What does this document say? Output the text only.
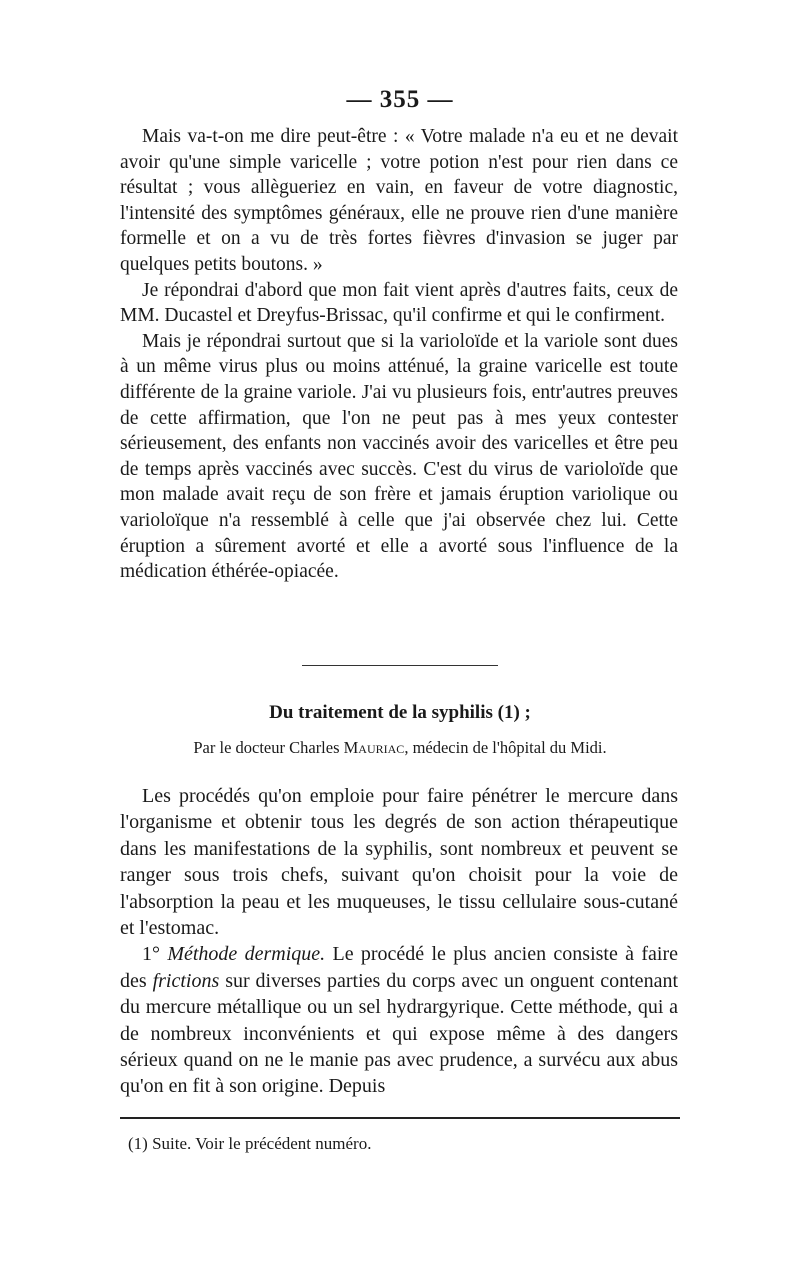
— 355 —

Mais va-t-on me dire peut-être : « Votre malade n'a eu et ne devait avoir qu'une simple varicelle ; votre potion n'est pour rien dans ce résultat ; vous allègueriez en vain, en faveur de votre diagnostic, l'intensité des symptômes généraux, elle ne prouve rien d'une manière formelle et on a vu de très fortes fièvres d'invasion se juger par quelques petits boutons. »

Je répondrai d'abord que mon fait vient après d'autres faits, ceux de MM. Ducastel et Dreyfus-Brissac, qu'il confirme et qui le confirment.

Mais je répondrai surtout que si la varioloïde et la variole sont dues à un même virus plus ou moins atténué, la graine varicelle est toute différente de la graine variole. J'ai vu plusieurs fois, entr'autres preuves de cette affirmation, que l'on ne peut pas à mes yeux contester sérieusement, des enfants non vaccinés avoir des varicelles et être peu de temps après vaccinés avec succès. C'est du virus de varioloïde que mon malade avait reçu de son frère et jamais éruption variolique ou varioloïque n'a ressemblé à celle que j'ai observée chez lui. Cette éruption a sûrement avorté et elle a avorté sous l'influence de la médication éthérée-opiacée.

Du traitement de la syphilis (1) ;
Par le docteur Charles Mauriac, médecin de l'hôpital du Midi.

Les procédés qu'on emploie pour faire pénétrer le mercure dans l'organisme et obtenir tous les degrés de son action thérapeutique dans les manifestations de la syphilis, sont nombreux et peuvent se ranger sous trois chefs, suivant qu'on choisit pour la voie de l'absorption la peau et les muqueuses, le tissu cellulaire sous-cutané et l'estomac.

1° Méthode dermique. Le procédé le plus ancien consiste à faire des frictions sur diverses parties du corps avec un onguent contenant du mercure métallique ou un sel hydrargyrique. Cette méthode, qui a de nombreux inconvénients et qui expose même à des dangers sérieux quand on ne le manie pas avec prudence, a survécu aux abus qu'on en fit à son origine. Depuis

(1) Suite. Voir le précédent numéro.
